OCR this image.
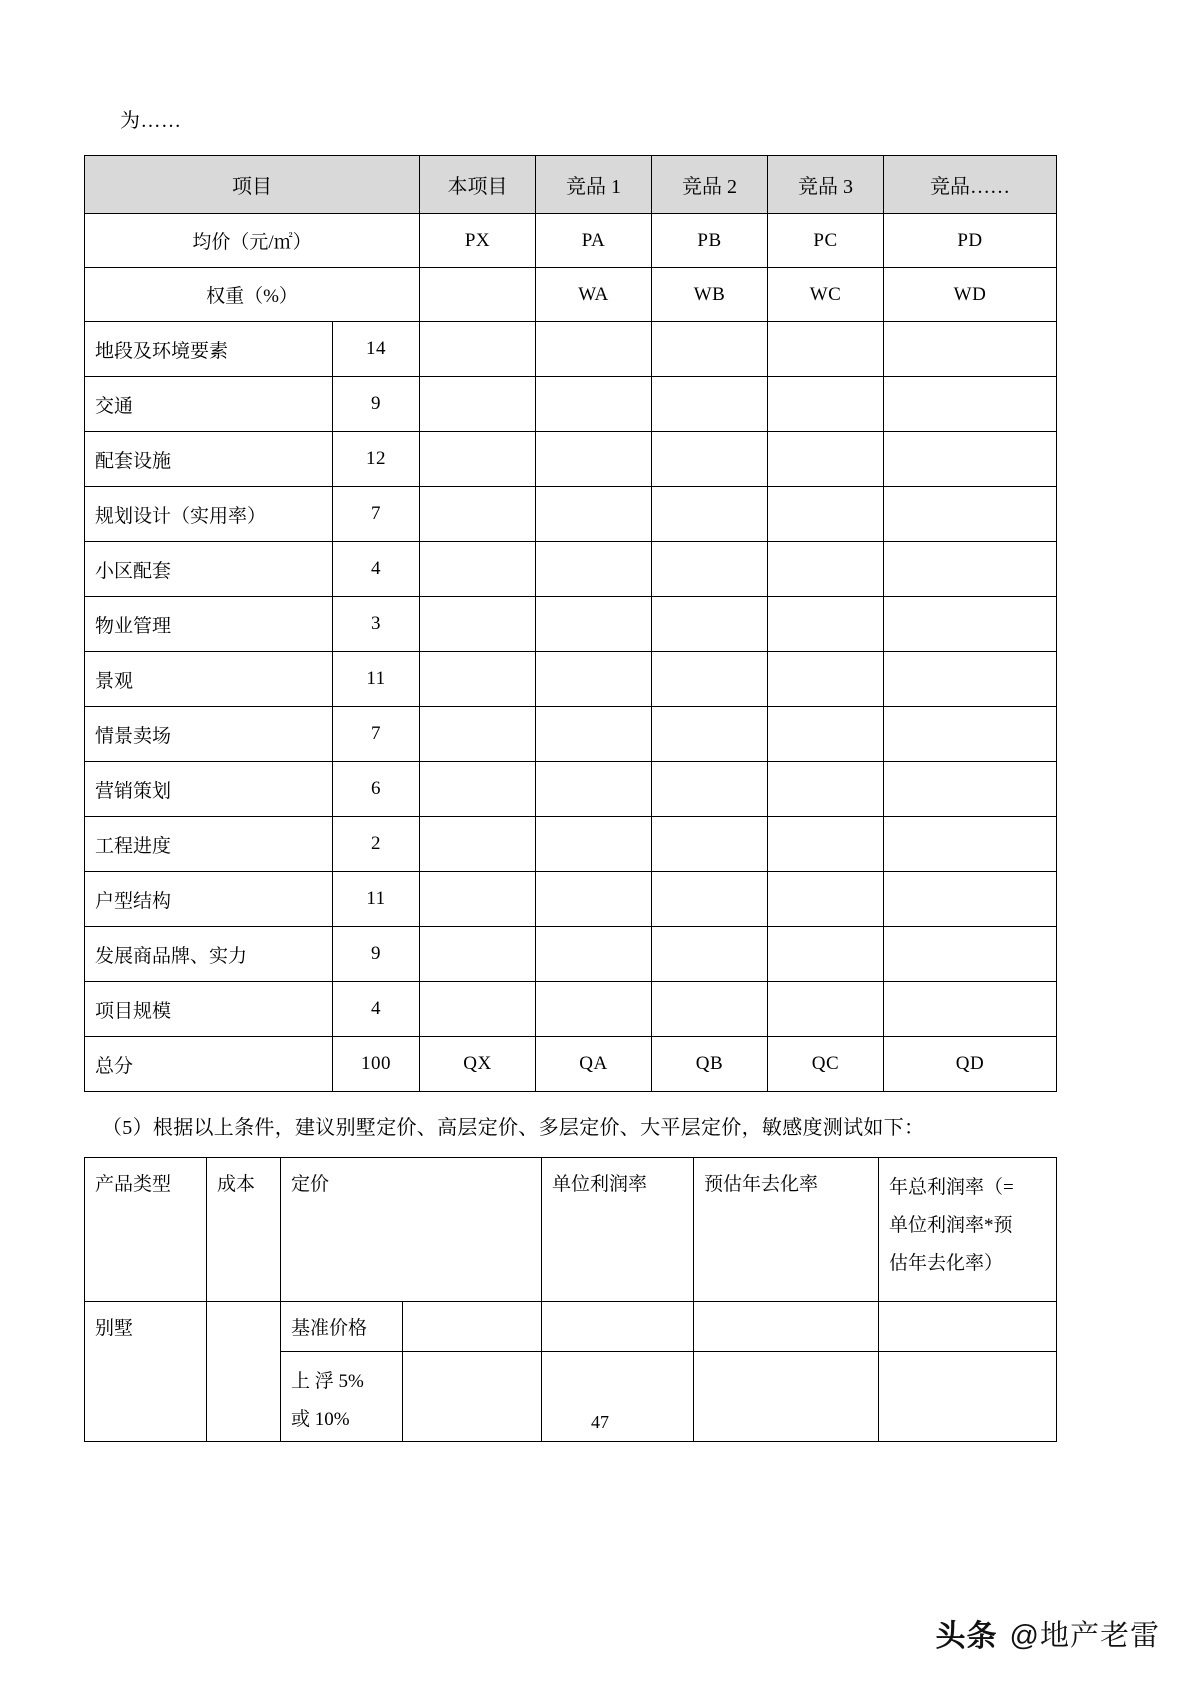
为……
项目		本项目	竞品 1	竞品 2	竞品 3	竞品……
均价（元/㎡）		PX	PA	PB	PC	PD
权重（%）			WA	WB	WC	WD
地段及环境要素	14					
交通	9					
配套设施	12					
规划设计（实用率）	7					
小区配套	4					
物业管理	3					
景观	11					
情景卖场	7					
营销策划	6					
工程进度	2					
户型结构	11					
发展商品牌、实力	9					
项目规模	4					
总分	100	QX	QA	QB	QC	QD
（5）根据以上条件，建议别墅定价、高层定价、多层定价、大平层定价，敏感度测试如下：
产品类型	成本	定价		单位利润率	预估年去化率	年总利润率（=
单位利润率*预
估年去化率）

别墅		基准价格				

		上 浮 5%
或 10%				
					47
头条 @地产老雷
